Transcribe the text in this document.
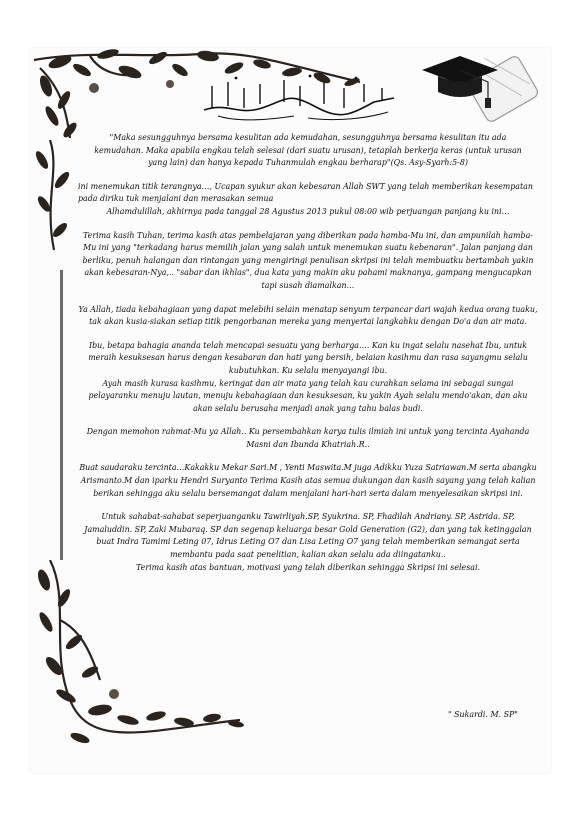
"Maka sesungguhnya bersama kesulitan ada kemudahan, sesungguhnya bersama kesulitan itu ada kemudahan. Maka apabila engkau telah selesai (dari suatu urusan), tetaplah berkerja keras (untuk urusan yang lain) dan hanya kepada Tuhanmulah engkau berharap"(Qs. Asy-Syarh:5-8)

ini menemukan titik terangnya…, Ucapan syukur akan kebesaran Allah SWT yang telah memberikan kesempatan pada diriku tuk menjalani dan merasakan semua

Alhamdulillah, akhirnya pada tanggal 28 Agustus 2013 pukul 08:00 wib perjuangan panjang ku ini…

Terima kasih Tuhan, terima kasih atas pembelajaran yang diberikan pada hamba-Mu ini, dan ampunilah hamba-Mu ini yang "terkadang harus memilih jalan yang salah untuk menemukan suatu kebenaran". Jalan panjang dan berliku, penuh halangan dan rintangan yang mengiringi penulisan skripsi ini telah membuatku bertambah yakin akan kebesaran-Nya,.. "sabar dan ikhlas", dua kata yang makin aku pahami maknanya, gampang mengucapkan tapi susah diamalkan…

Ya Allah, tiada kebahagiaan yang dapat melebihi selain menatap senyum terpancar dari wajah kedua orang tuaku, tak akan kusia-siakan setiap titik pengorbanan mereka yang menyertai langkahku dengan Do'a dan air mata.

Ibu, betapa bahagia ananda telah mencapai sesuatu yang berharga…. Kan ku ingat selalu nasehat Ibu, untuk meraih kesuksesan harus dengan kesabaran dan hati yang bersih, belaian kasihmu dan rasa sayangmu selalu kubutuhkan. Ku selalu menyayangi ibu.

Ayah masih kurasa kasihmu, keringat dan air mata yang telah kau curahkan selama ini sebagai sungai pelayaranku menuju lautan, menuju kebahagiaan dan kesuksesan, ku yakin Ayah selalu mendo'akan, dan aku akan selalu berusaha menjadi anak yang tahu balas budi.

Dengan memohon rahmat-Mu ya Allah.. Ku persembahkan karya tulis ilmiah ini untuk yang tercinta Ayahanda Masni dan Ibunda Khatriah.R..

Buat saudaraku tercinta…Kakakku Mekar Sari.M , Yenti Maswita.M juga Adikku Yuza Satriawan.M serta abangku Arismanto.M dan iparku Hendri Suryanto Terima Kasih atas semua dukungan dan kasih sayang yang telah kalian berikan sehingga aku selalu bersemangat dalam menjalani hari-hari serta dalam menyelesaikan skripsi ini.

Untuk sahabat-sahabat seperjuanganku Tawirliyah.SP, Syukrina. SP, Fhadilah Andriany. SP, Astrida. SP, Jamaluddin. SP, Zaki Mubaraq. SP dan segenap keluarga besar Gold Generation (G2), dan yang tak ketinggalan buat Indra Tamimi Leting 07, Idrus Leting O7 dan Lisa Leting O7 yang telah memberikan semangat serta membantu pada saat penelitian, kalian akan selalu ada diingatanku..

Terima kasih atas bantuan, motivasi yang telah diberikan sehingga Skripsi ini selesai.

" Sukardi. M. SP"
